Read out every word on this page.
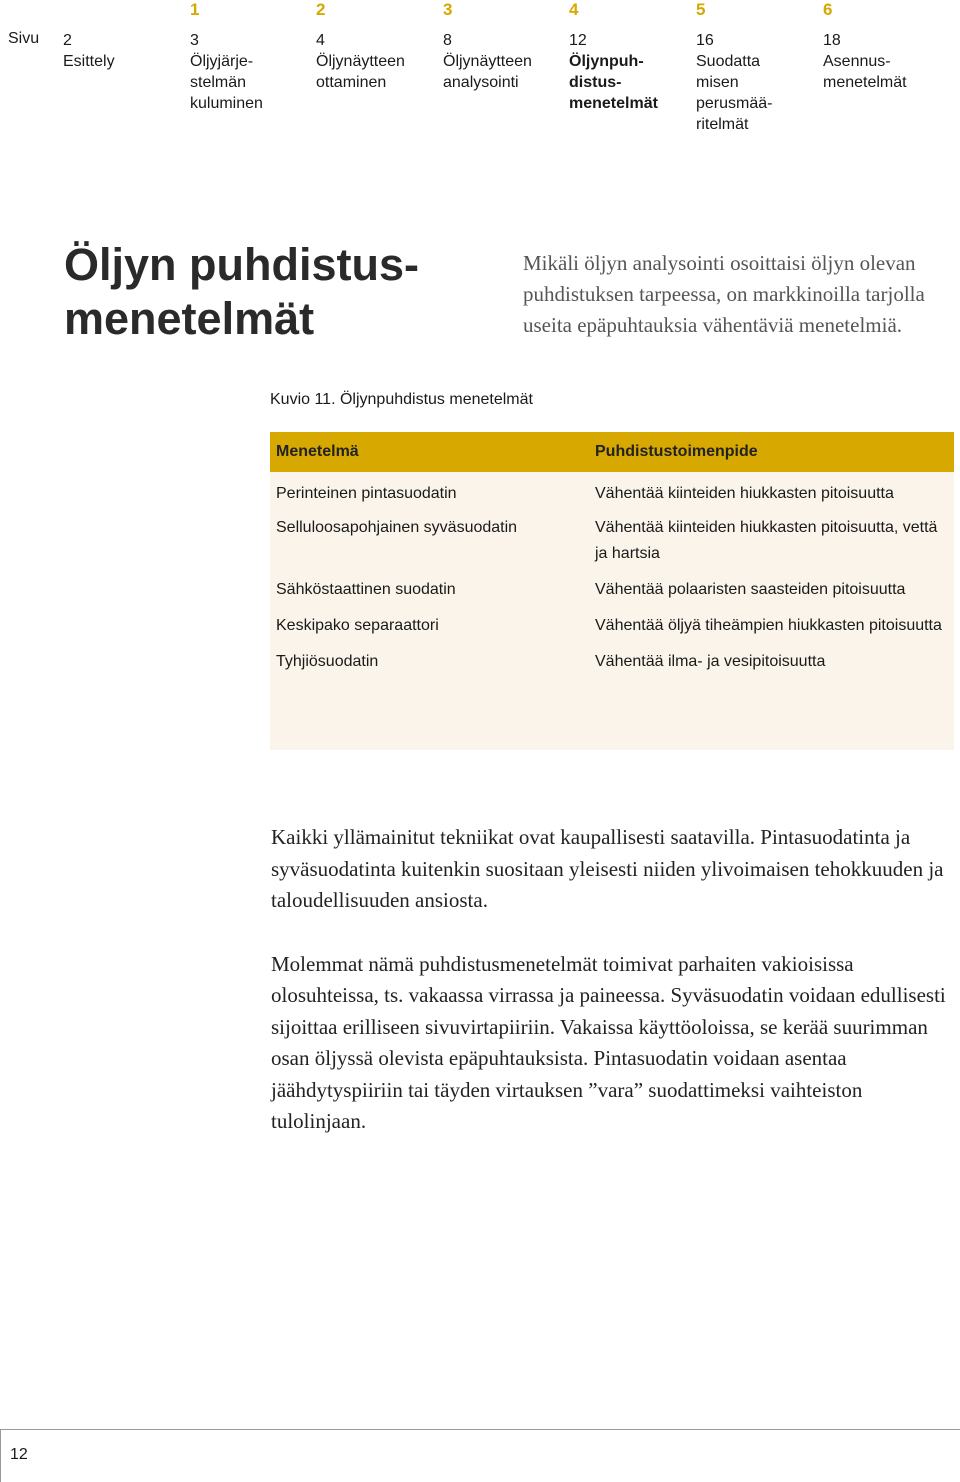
Sivu 2
Esittely
1
3
Öljyjärje-
stelmän
kuluminen
2
4
Öljynäytteen
ottaminen
3
8
Öljynäytteen
analysointi
4
12
Öljynpuh-
distus-
menetelmät
5
16
Suodatta
misen
perusmää-
ritelmät
6
18
Asennus-
menetelmät
Öljyn puhdistus-
menetelmät

Mikäli öljyn analysointi osoittaisi öljyn olevan puhdistuksen tarpeessa, on markkinoilla tarjolla useita epäpuhtauksia vähentäviä menetelmiä.

Kuvio 11. Öljynpuhdistus menetelmät

Menetelmä	Puhdistustoimenpide
Perinteinen pintasuodatin	Vähentää kiinteiden hiukkasten pitoisuutta
Selluloosapohjainen syväsuodatin	Vähentää kiinteiden hiukkasten pitoisuutta, vettä ja hartsia
Sähköstaattinen suodatin	Vähentää polaaristen saasteiden pitoisuutta
Keskipako separaattori	Vähentää öljyä tiheämpien hiukkasten pitoisuutta
Tyhjiösuodatin	Vähentää ilma- ja vesipitoisuutta

Kaikki yllämainitut tekniikat ovat kaupallisesti saatavilla. Pintasuodatinta ja syväsuodatinta kuitenkin suositaan yleisesti niiden ylivoimaisen tehokkuuden ja taloudellisuuden ansiosta.

Molemmat nämä puhdistusmenetelmät toimivat parhaiten vakioisissa olosuhteissa, ts. vakaassa virrassa ja paineessa. Syväsuodatin voidaan edullisesti sijoittaa erilliseen sivuvirtapiiriin. Vakaissa käyttöoloissa, se kerää suurimman osan öljyssä olevista epäpuhtauksista. Pintasuodatin voidaan asentaa jäähdytyspiiriin tai täyden virtauksen ”vara” suodattimeksi vaihteiston tulolinjaan.

12
